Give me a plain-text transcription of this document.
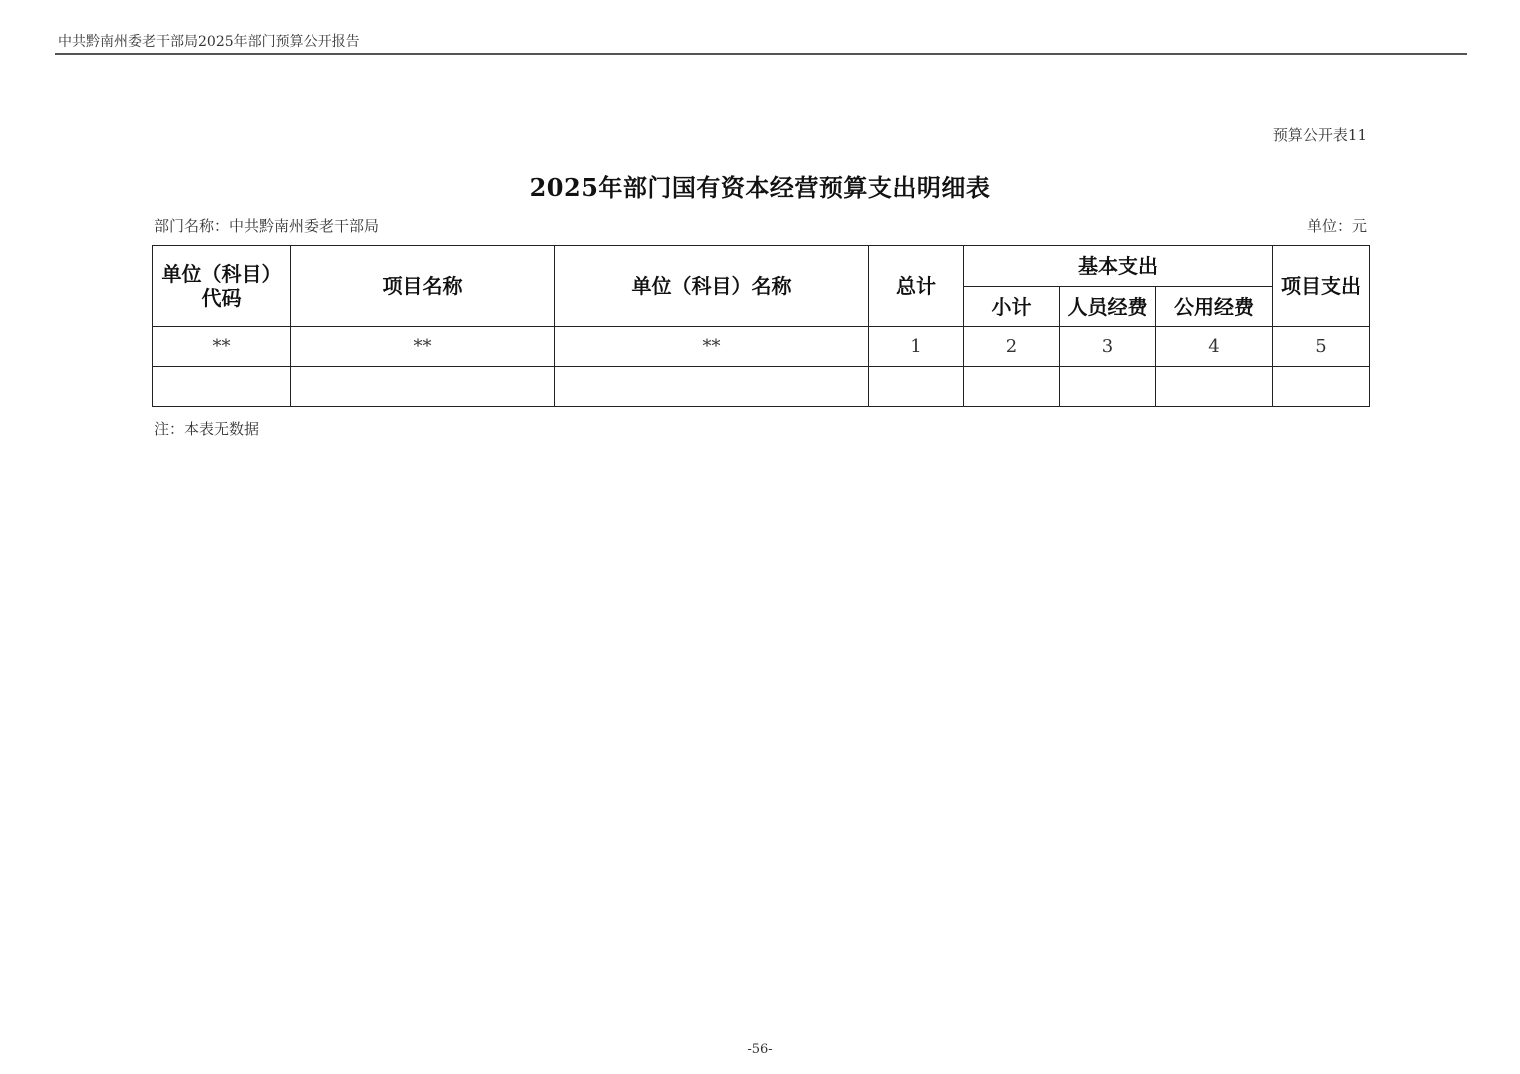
中共黔南州委老干部局2025年部门预算公开报告
预算公开表11
2025年部门国有资本经营预算支出明细表
部门名称：中共黔南州委老干部局	单位：元
单位（科目）代码	项目名称	单位（科目）名称	总计	基本支出			项目支出
				小计	人员经费	公用经费	
**	**	**	1	2	3	4	5

注：本表无数据
-56-
